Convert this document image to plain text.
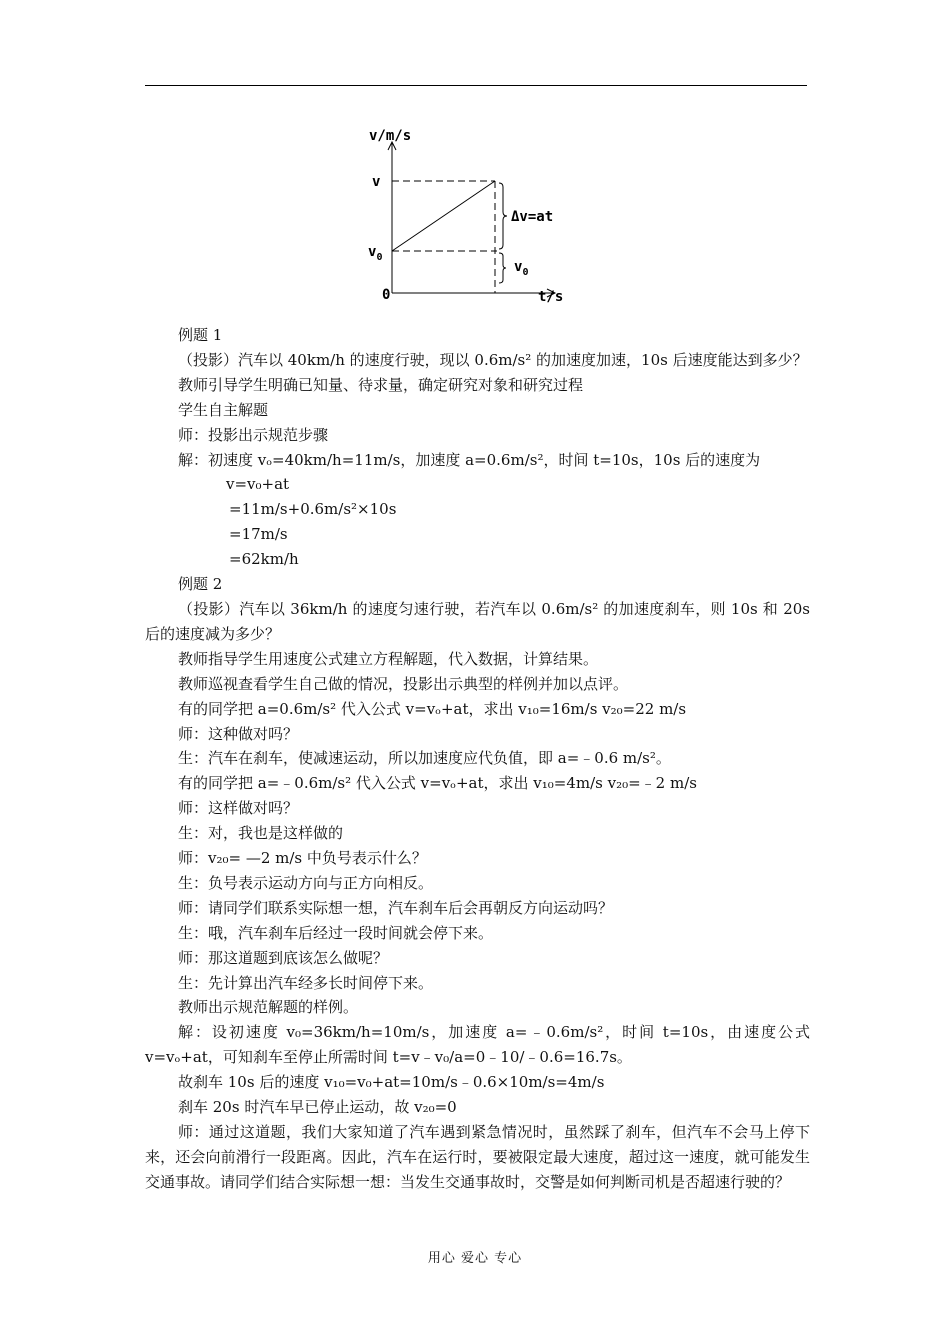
v/m/s
v
$v_0$
0
Δv=at
$v_0$
t/s

例题 1

（投影）汽车以 40km/h 的速度行驶，现以 0.6m/s² 的加速度加速，10s 后速度能达到多少？

教师引导学生明确已知量、待求量，确定研究对象和研究过程

学生自主解题

师：投影出示规范步骤

解：初速度 vₒ=40km/h=11m/s，加速度 a=0.6m/s²，时间 t=10s，10s 后的速度为

v=v₀+at

=11m/s+0.6m/s²×10s

=17m/s

=62km/h

例题 2

（投影）汽车以 36km/h 的速度匀速行驶，若汽车以 0.6m/s² 的加速度刹车，则 10s 和 20s 后的速度减为多少？

教师指导学生用速度公式建立方程解题，代入数据，计算结果。

教师巡视查看学生自己做的情况，投影出示典型的样例并加以点评。

有的同学把 a=0.6m/s² 代入公式 v=vₒ+at，求出 v₁₀=16m/s v₂₀=22 m/s

师：这种做对吗？

生：汽车在刹车，使减速运动，所以加速度应代负值，即 a=﹣0.6 m/s²。

有的同学把 a=﹣0.6m/s² 代入公式 v=vₒ+at，求出 v₁₀=4m/s v₂₀=﹣2 m/s

师：这样做对吗？

生：对，我也是这样做的

师：v₂₀= —2 m/s 中负号表示什么？

生：负号表示运动方向与正方向相反。

师：请同学们联系实际想一想，汽车刹车后会再朝反方向运动吗？

生：哦，汽车刹车后经过一段时间就会停下来。

师：那这道题到底该怎么做呢？

生：先计算出汽车经多长时间停下来。

教师出示规范解题的样例。

解：设初速度 v₀=36km/h=10m/s，加速度 a=﹣0.6m/s²，时间 t=10s，由速度公式 v=vₒ+at，可知刹车至停止所需时间 t=v﹣v₀/a=0﹣10/﹣0.6=16.7s。

故刹车 10s 后的速度 v₁₀=v₀+at=10m/s﹣0.6×10m/s=4m/s

刹车 20s 时汽车早已停止运动，故 v₂₀=0

师：通过这道题，我们大家知道了汽车遇到紧急情况时，虽然踩了刹车，但汽车不会马上停下来，还会向前滑行一段距离。因此，汽车在运行时，要被限定最大速度，超过这一速度，就可能发生交通事故。请同学们结合实际想一想：当发生交通事故时，交警是如何判断司机是否超速行驶的？

用心 爱心 专心
